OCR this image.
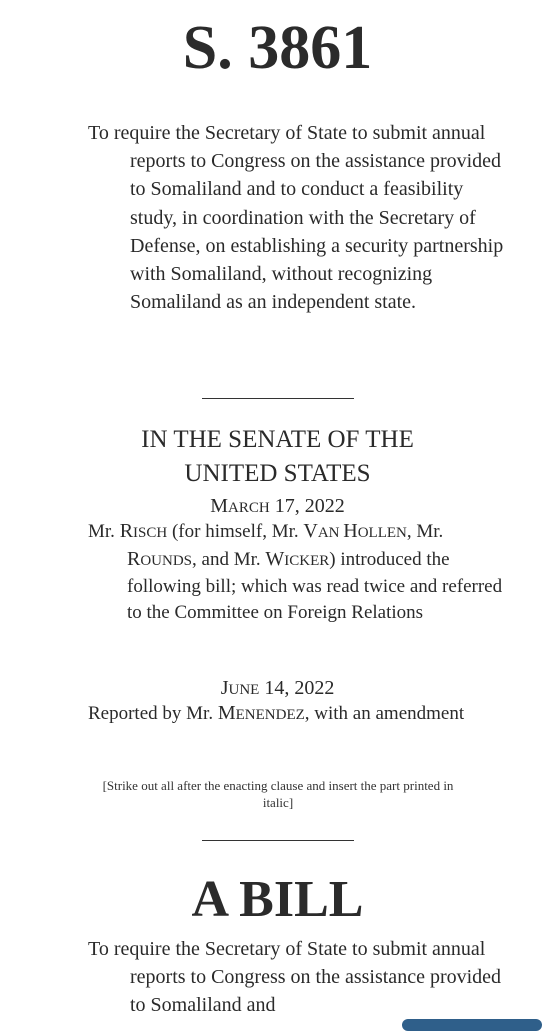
S. 3861
To require the Secretary of State to submit annual reports to Congress on the assistance provided to Somaliland and to conduct a feasibility study, in coordination with the Secretary of Defense, on establishing a security partnership with Somaliland, without recognizing Somaliland as an independent state.
IN THE SENATE OF THE
UNITED STATES
MARCH 17, 2022
Mr. RISCH (for himself, Mr. VAN HOLLEN, Mr. ROUNDS, and Mr. WICKER) introduced the following bill; which was read twice and referred to the Committee on Foreign Relations
JUNE 14, 2022
Reported by Mr. MENENDEZ, with an amendment
[Strike out all after the enacting clause and insert the part printed in italic]
A BILL
To require the Secretary of State to submit annual reports to Congress on the assistance provided to Somaliland and
